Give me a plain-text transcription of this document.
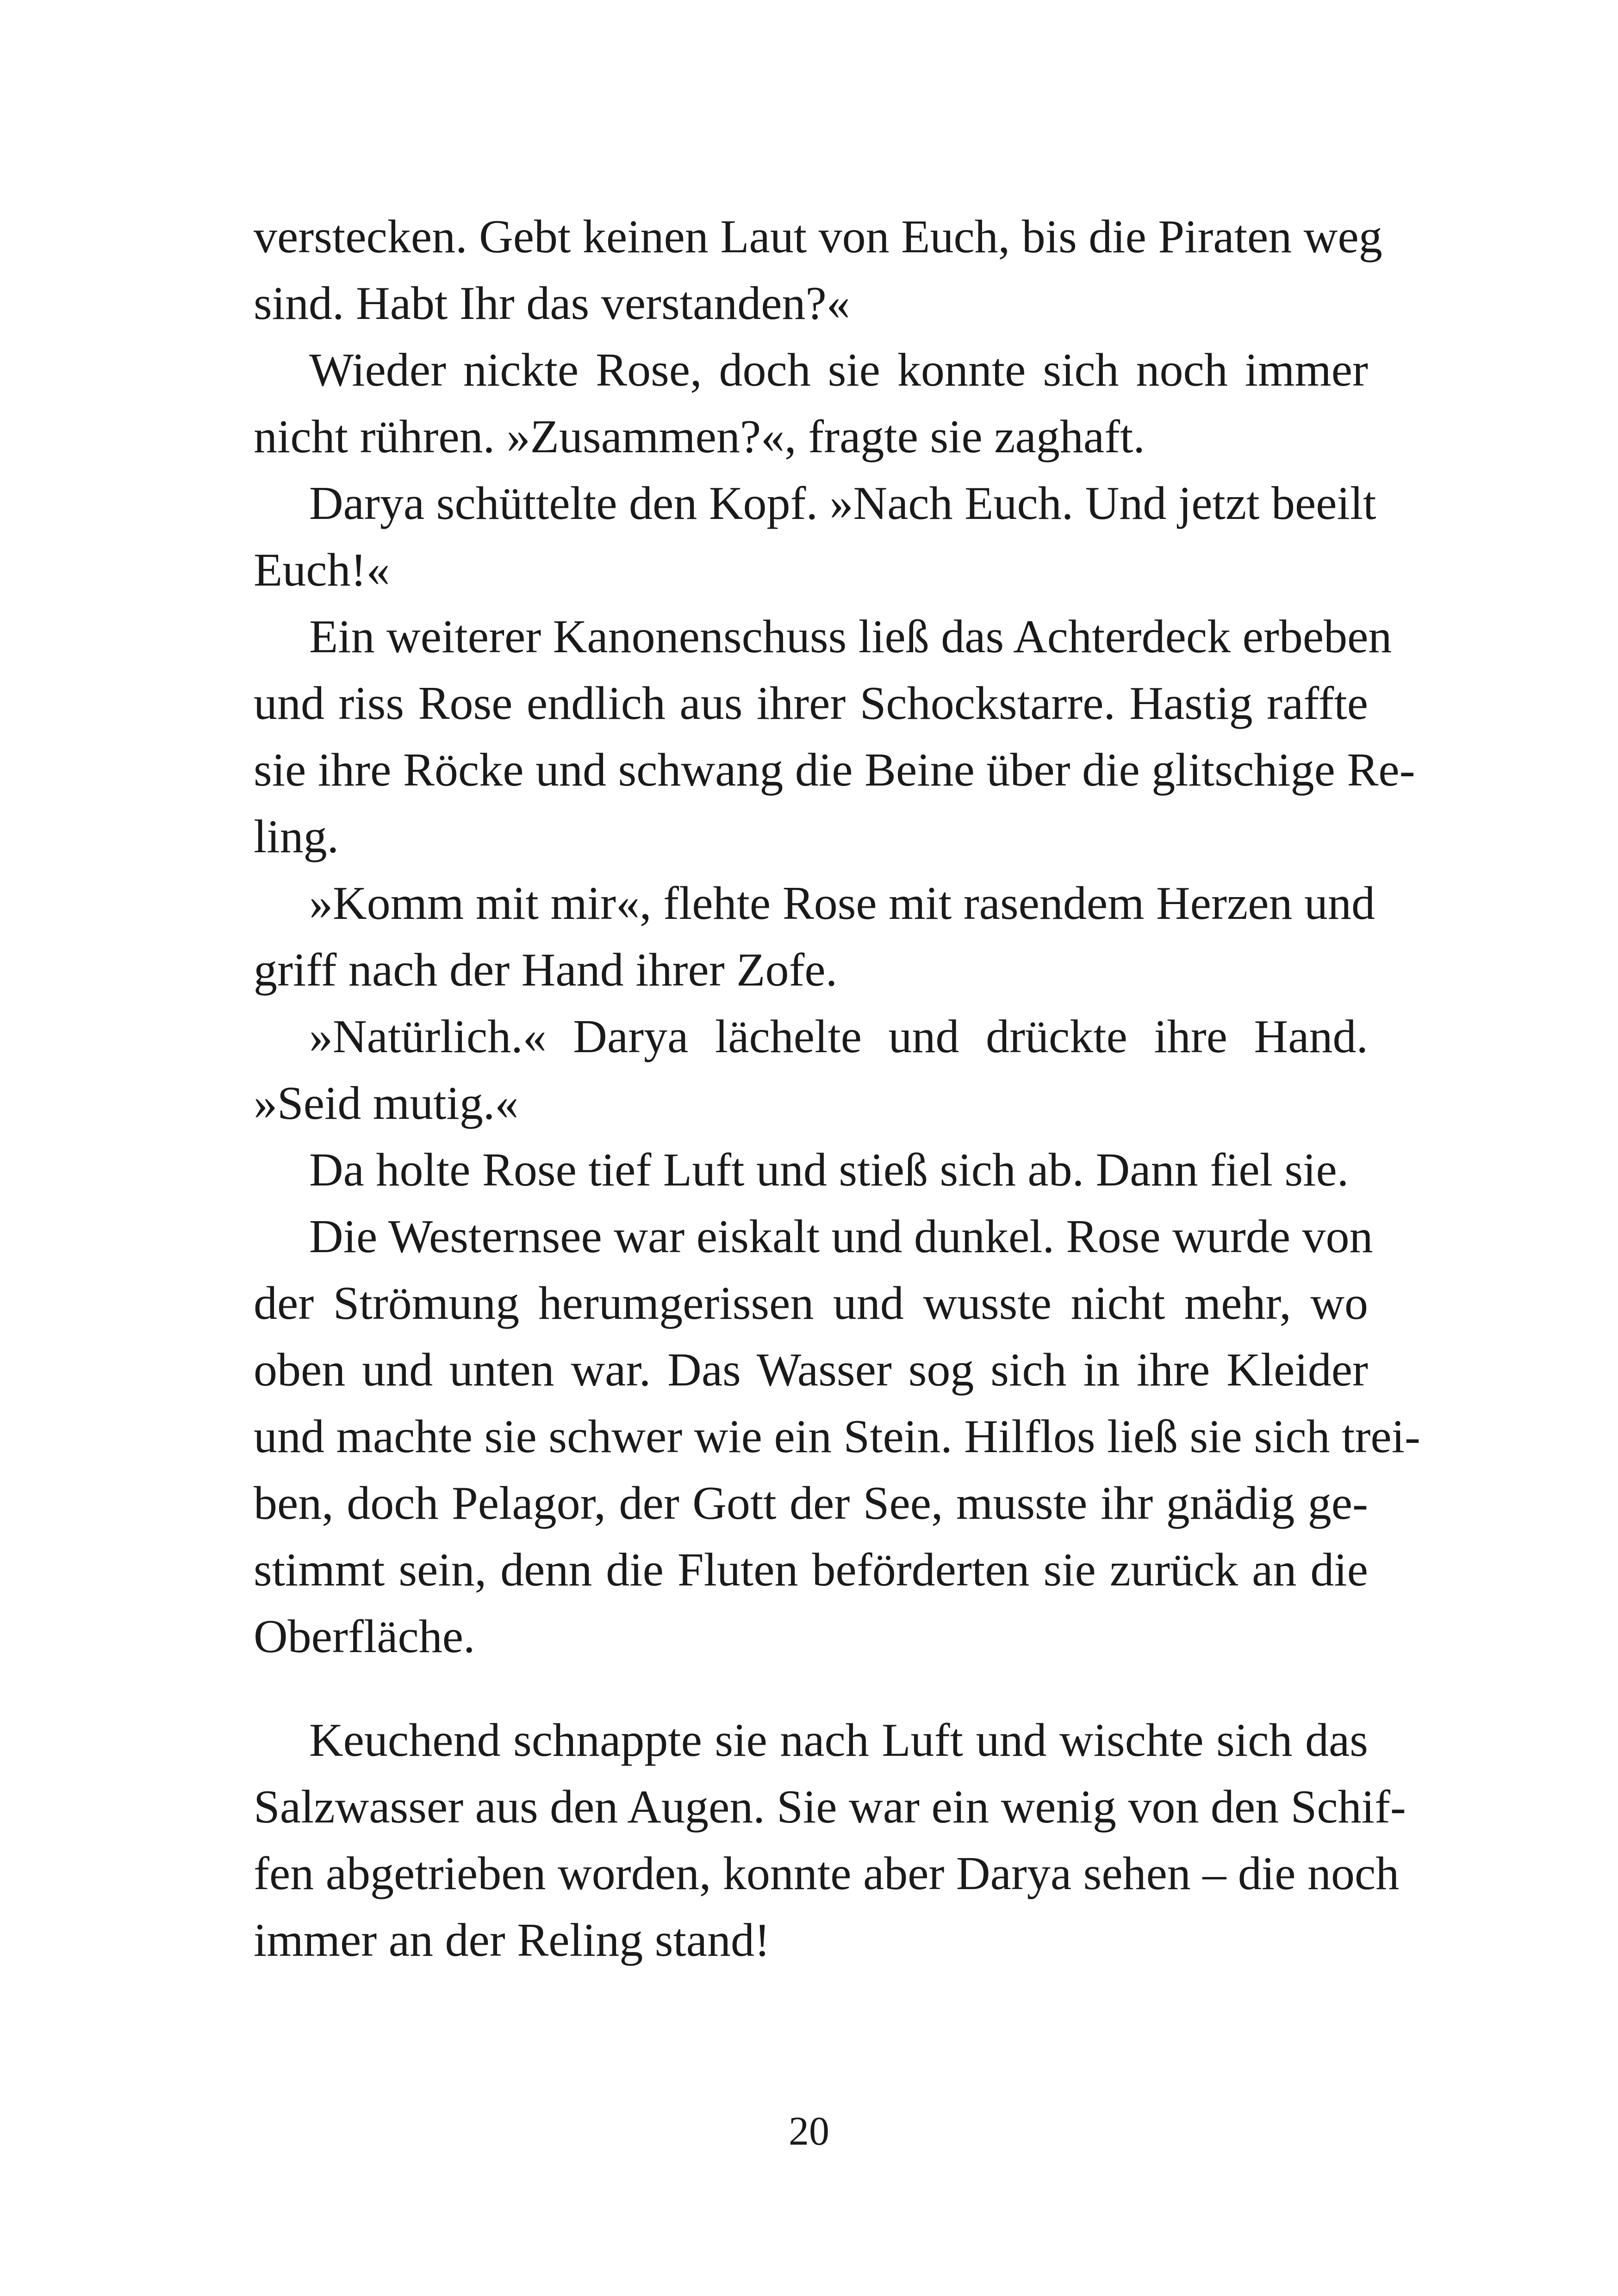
verstecken. Gebt keinen Laut von Euch, bis die Piraten weg
sind. Habt Ihr das verstanden?«
Wieder nickte Rose, doch sie konnte sich noch immer
nicht rühren. »Zusammen?«, fragte sie zaghaft.
Darya schüttelte den Kopf. »Nach Euch. Und jetzt beeilt
Euch!«
Ein weiterer Kanonenschuss ließ das Achterdeck erbeben
und riss Rose endlich aus ihrer Schockstarre. Hastig raffte
sie ihre Röcke und schwang die Beine über die glitschige Re-
ling.
»Komm mit mir«, flehte Rose mit rasendem Herzen und
griff nach der Hand ihrer Zofe.
»Natürlich.« Darya lächelte und drückte ihre Hand.
»Seid mutig.«
Da holte Rose tief Luft und stieß sich ab. Dann fiel sie.
Die Westernsee war eiskalt und dunkel. Rose wurde von
der Strömung herumgerissen und wusste nicht mehr, wo
oben und unten war. Das Wasser sog sich in ihre Kleider
und machte sie schwer wie ein Stein. Hilflos ließ sie sich trei-
ben, doch Pelagor, der Gott der See, musste ihr gnädig ge-
stimmt sein, denn die Fluten beförderten sie zurück an die
Oberfläche.
Keuchend schnappte sie nach Luft und wischte sich das
Salzwasser aus den Augen. Sie war ein wenig von den Schif-
fen abgetrieben worden, konnte aber Darya sehen – die noch
immer an der Reling stand!
20
